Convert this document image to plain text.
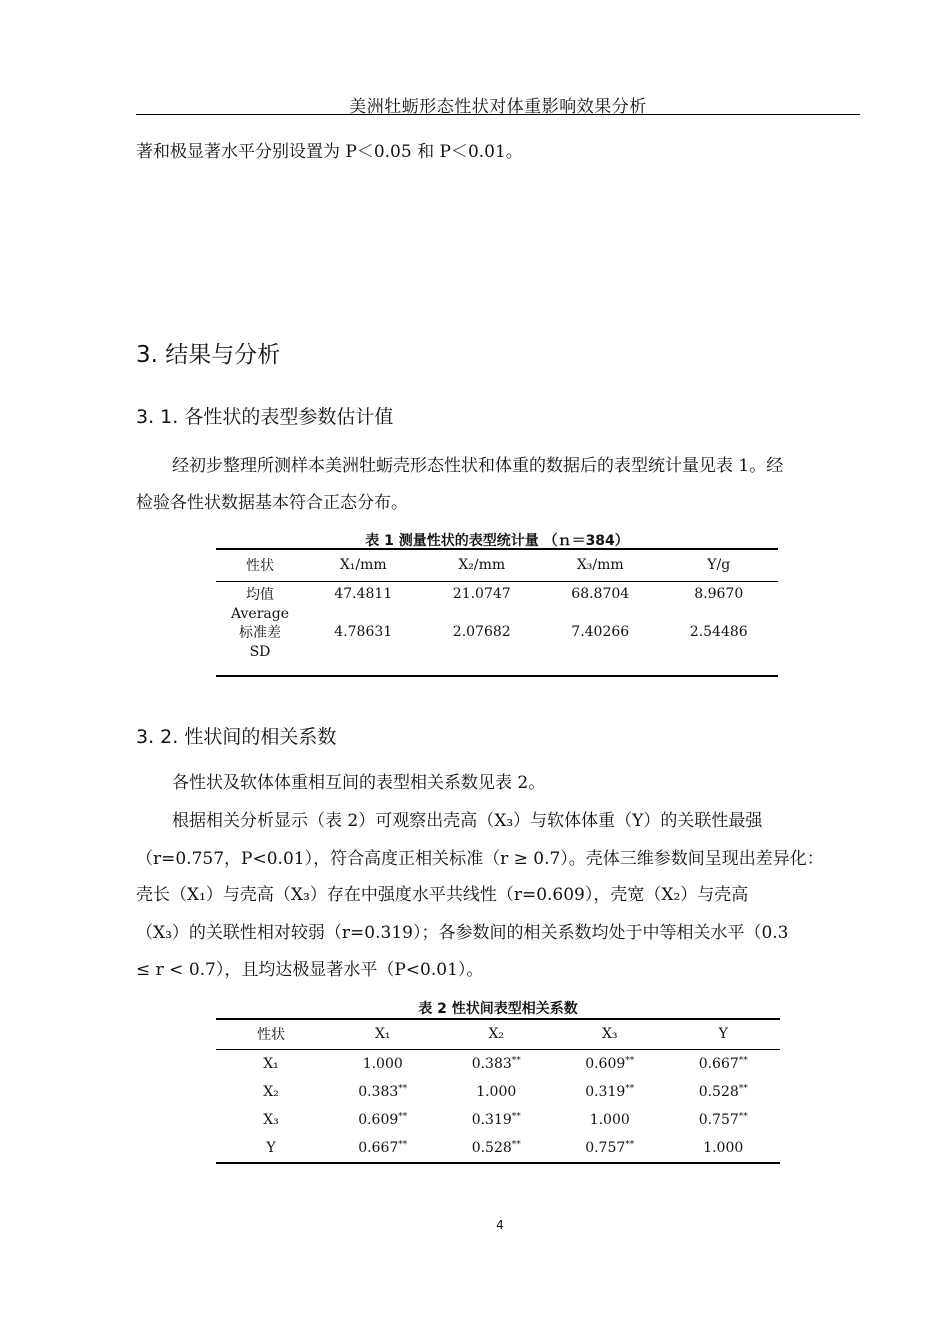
美洲牡蛎形态性状对体重影响效果分析
著和极显著水平分别设置为 P＜0.05 和 P＜0.01。
3. 结果与分析
3. 1. 各性状的表型参数估计值
经初步整理所测样本美洲牡蛎壳形态性状和体重的数据后的表型统计量见表 1。经
检验各性状数据基本符合正态分布。
表 1 测量性状的表型统计量 （ｎ＝384）
性状	X₁/mm	X₂/mm	X₃/mm	Y/g

均值
Average	47.4811	21.0747	68.8704	8.9670

标准差
SD	4.78631	2.07682	7.40266	2.54486
3. 2. 性状间的相关系数
各性状及软体体重相互间的表型相关系数见表 2。
根据相关分析显示（表 2）可观察出壳高（X₃）与软体体重（Y）的关联性最强
（r=0.757，P<0.01），符合高度正相关标准（r ≥ 0.7）。壳体三维参数间呈现出差异化：
壳长（X₁）与壳高（X₃）存在中强度水平共线性（r=0.609），壳宽（X₂）与壳高
（X₃）的关联性相对较弱（r=0.319）；各参数间的相关系数均处于中等相关水平（0.3
≤ r < 0.7），且均达极显著水平（P<0.01）。
表 2 性状间表型相关系数
性状	X₁	X₂	X₃	Y
X₁	1.000	0.383**	0.609**	0.667**
X₂	0.383**	1.000	0.319**	0.528**
X₃	0.609**	0.319**	1.000	0.757**
Y	0.667**	0.528**	0.757**	1.000
4
